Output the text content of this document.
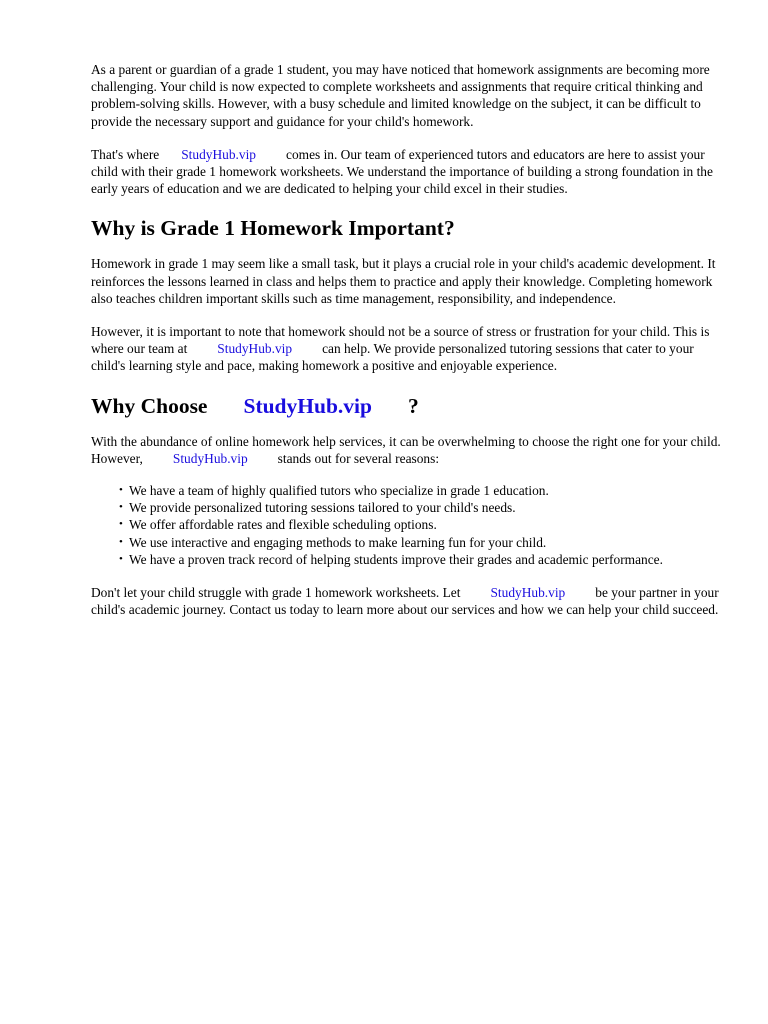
As a parent or guardian of a grade 1 student, you may have noticed that homework assignments are becoming more challenging. Your child is now expected to complete worksheets and assignments that require critical thinking and problem-solving skills. However, with a busy schedule and limited knowledge on the subject, it can be difficult to provide the necessary support and guidance for your child's homework.

That's where StudyHub.vip comes in. Our team of experienced tutors and educators are here to assist your child with their grade 1 homework worksheets. We understand the importance of building a strong foundation in the early years of education and we are dedicated to helping your child excel in their studies.

Why is Grade 1 Homework Important?

Homework in grade 1 may seem like a small task, but it plays a crucial role in your child's academic development. It reinforces the lessons learned in class and helps them to practice and apply their knowledge. Completing homework also teaches children important skills such as time management, responsibility, and independence.

However, it is important to note that homework should not be a source of stress or frustration for your child. This is where our team at StudyHub.vip can help. We provide personalized tutoring sessions that cater to your child's learning style and pace, making homework a positive and enjoyable experience.

Why Choose StudyHub.vip ?

With the abundance of online homework help services, it can be overwhelming to choose the right one for your child. However, StudyHub.vip stands out for several reasons:

• We have a team of highly qualified tutors who specialize in grade 1 education.
• We provide personalized tutoring sessions tailored to your child's needs.
• We offer affordable rates and flexible scheduling options.
• We use interactive and engaging methods to make learning fun for your child.
• We have a proven track record of helping students improve their grades and academic performance.

Don't let your child struggle with grade 1 homework worksheets. Let StudyHub.vip be your partner in your child's academic journey. Contact us today to learn more about our services and how we can help your child succeed.
